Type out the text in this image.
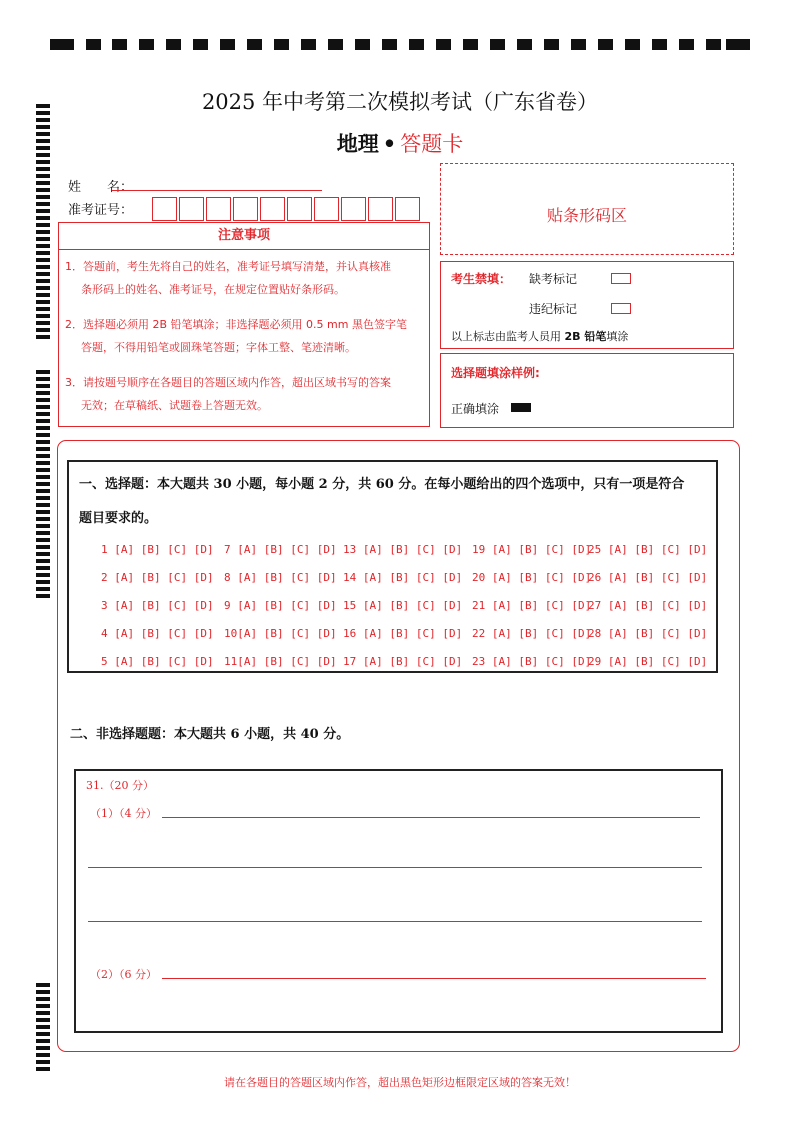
2025 年中考第二次模拟考试（广东省卷）
地理 • 答题卡
姓　　名：
准考证号：
注意事项
1．答题前，考生先将自己的姓名，准考证号填写清楚，并认真核准
条形码上的姓名、准考证号，在规定位置贴好条形码。
2．选择题必须用 2B 铅笔填涂；非选择题必须用 0.5 mm 黑色签字笔
答题，不得用铅笔或圆珠笔答题；字体工整、笔迹清晰。
3．请按题号顺序在各题目的答题区域内作答，超出区域书写的答案
无效；在草稿纸、试题卷上答题无效。
贴条形码区
考生禁填： 缺考标记
违纪标记
以上标志由监考人员用 2B 铅笔填涂
选择题填涂样例:
正确填涂
一、选择题：本大题共 30 小题，每小题 2 分，共 60 分。在每小题给出的四个选项中，只有一项是符合
题目要求的。
1 [A] [B] [C] [D] 7 [A] [B] [C] [D] 13 [A] [B] [C] [D] 19 [A] [B] [C] [D]
25 [A] [B] [C] [D]
2 [A] [B] [C] [D] 8 [A] [B] [C] [D] 14 [A] [B] [C] [D] 20 [A] [B] [C] [D]
26 [A] [B] [C] [D]
3 [A] [B] [C] [D] 9 [A] [B] [C] [D] 15 [A] [B] [C] [D] 21 [A] [B] [C] [D]
27 [A] [B] [C] [D]
4 [A] [B] [C] [D] 10[A] [B] [C] [D] 16 [A] [B] [C] [D] 22 [A] [B] [C] [D]
28 [A] [B] [C] [D]
5 [A] [B] [C] [D] 11[A] [B] [C] [D] 17 [A] [B] [C] [D] 23 [A] [B] [C] [D]
29 [A] [B] [C] [D]
二、非选择题题：本大题共 6 小题，共 40 分。
31.（20 分）
（1）（4 分）
（2）（6 分）
请在各题目的答题区域内作答，超出黑色矩形边框限定区域的答案无效！
